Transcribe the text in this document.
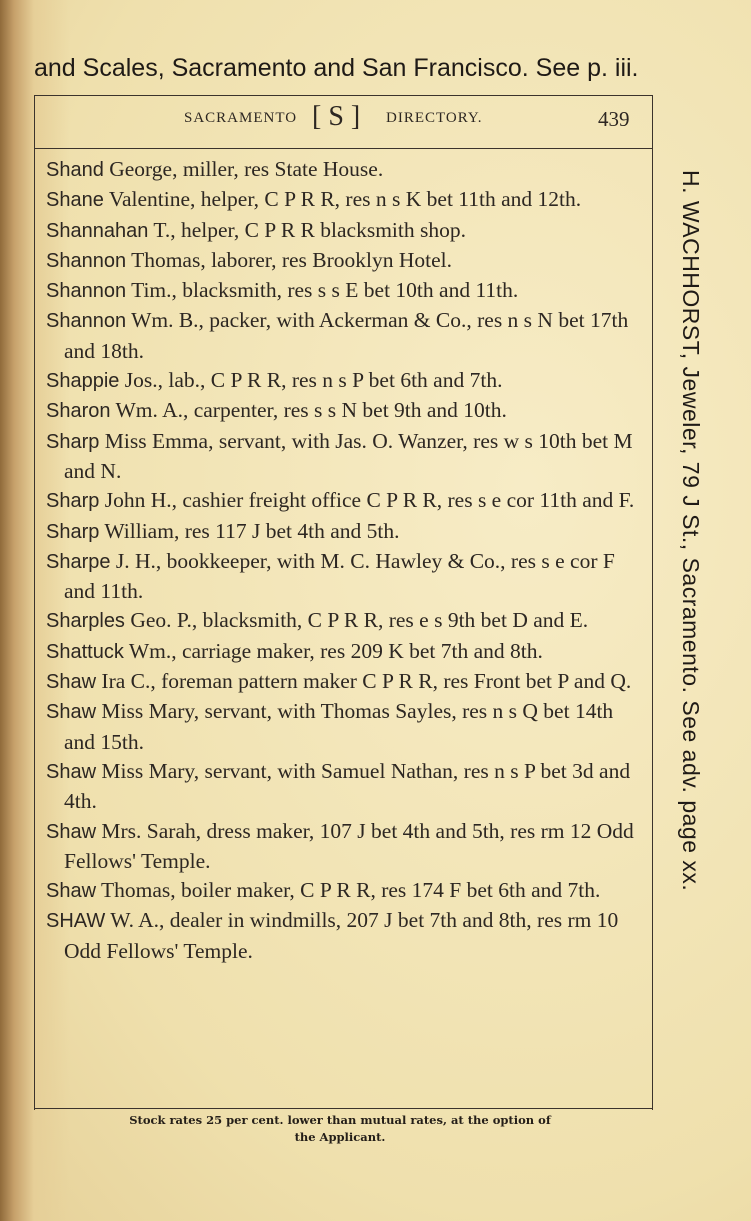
and Scales, Sacramento and San Francisco. See p. iii.
SACRAMENTO [ S ] DIRECTORY.	439

Shand George, miller, res State House.

Shane Valentine, helper, C P R R, res n s K bet 11th and 12th.

Shannahan T., helper, C P R R blacksmith shop.

Shannon Thomas, laborer, res Brooklyn Hotel.

Shannon Tim., blacksmith, res s s E bet 10th and 11th.

Shannon Wm. B., packer, with Ackerman & Co., res n s N bet 17th and 18th.

Shappie Jos., lab., C P R R, res n s P bet 6th and 7th.

Sharon Wm. A., carpenter, res s s N bet 9th and 10th.

Sharp Miss Emma, servant, with Jas. O. Wanzer, res w s 10th bet M and N.

Sharp John H., cashier freight office C P R R, res s e cor 11th and F.

Sharp William, res 117 J bet 4th and 5th.

Sharpe J. H., bookkeeper, with M. C. Hawley & Co., res s e cor F and 11th.

Sharples Geo. P., blacksmith, C P R R, res e s 9th bet D and E.

Shattuck Wm., carriage maker, res 209 K bet 7th and 8th.

Shaw Ira C., foreman pattern maker C P R R, res Front bet P and Q.

Shaw Miss Mary, servant, with Thomas Sayles, res n s Q bet 14th and 15th.

Shaw Miss Mary, servant, with Samuel Nathan, res n s P bet 3d and 4th.

Shaw Mrs. Sarah, dress maker, 107 J bet 4th and 5th, res rm 12 Odd Fellows' Temple.

Shaw Thomas, boiler maker, C P R R, res 174 F bet 6th and 7th.

SHAW W. A., dealer in windmills, 207 J bet 7th and 8th, res rm 10 Odd Fellows' Temple.

H. WACHHORST, Jeweler, 79 J St., Sacramento. See adv. page xx.
Stock rates 25 per cent. lower than mutual rates, at the option of
the Applicant.
